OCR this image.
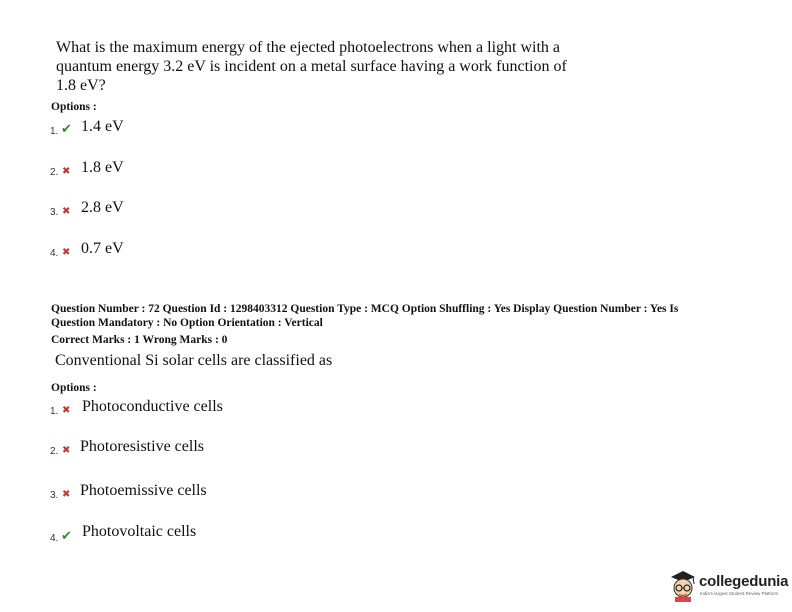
What is the maximum energy of the ejected photoelectrons when a light with a
quantum energy 3.2 eV is incident on a metal surface having a work function of
1.8 eV?
Options :
1. ✔ 1.4 eV
2. ✖ 1.8 eV
3. ✖ 2.8 eV
4. ✖ 0.7 eV
Question Number : 72 Question Id : 1298403312 Question Type : MCQ Option Shuffling : Yes Display Question Number : Yes Is
Question Mandatory : No Option Orientation : Vertical
Correct Marks : 1 Wrong Marks : 0
Conventional Si solar cells are classified as
Options :
1. ✖ Photoconductive cells
2. ✖ Photoresistive cells
3. ✖ Photoemissive cells
4. ✔ Photovoltaic cells
collegedunia
India's largest Student Review Platform
